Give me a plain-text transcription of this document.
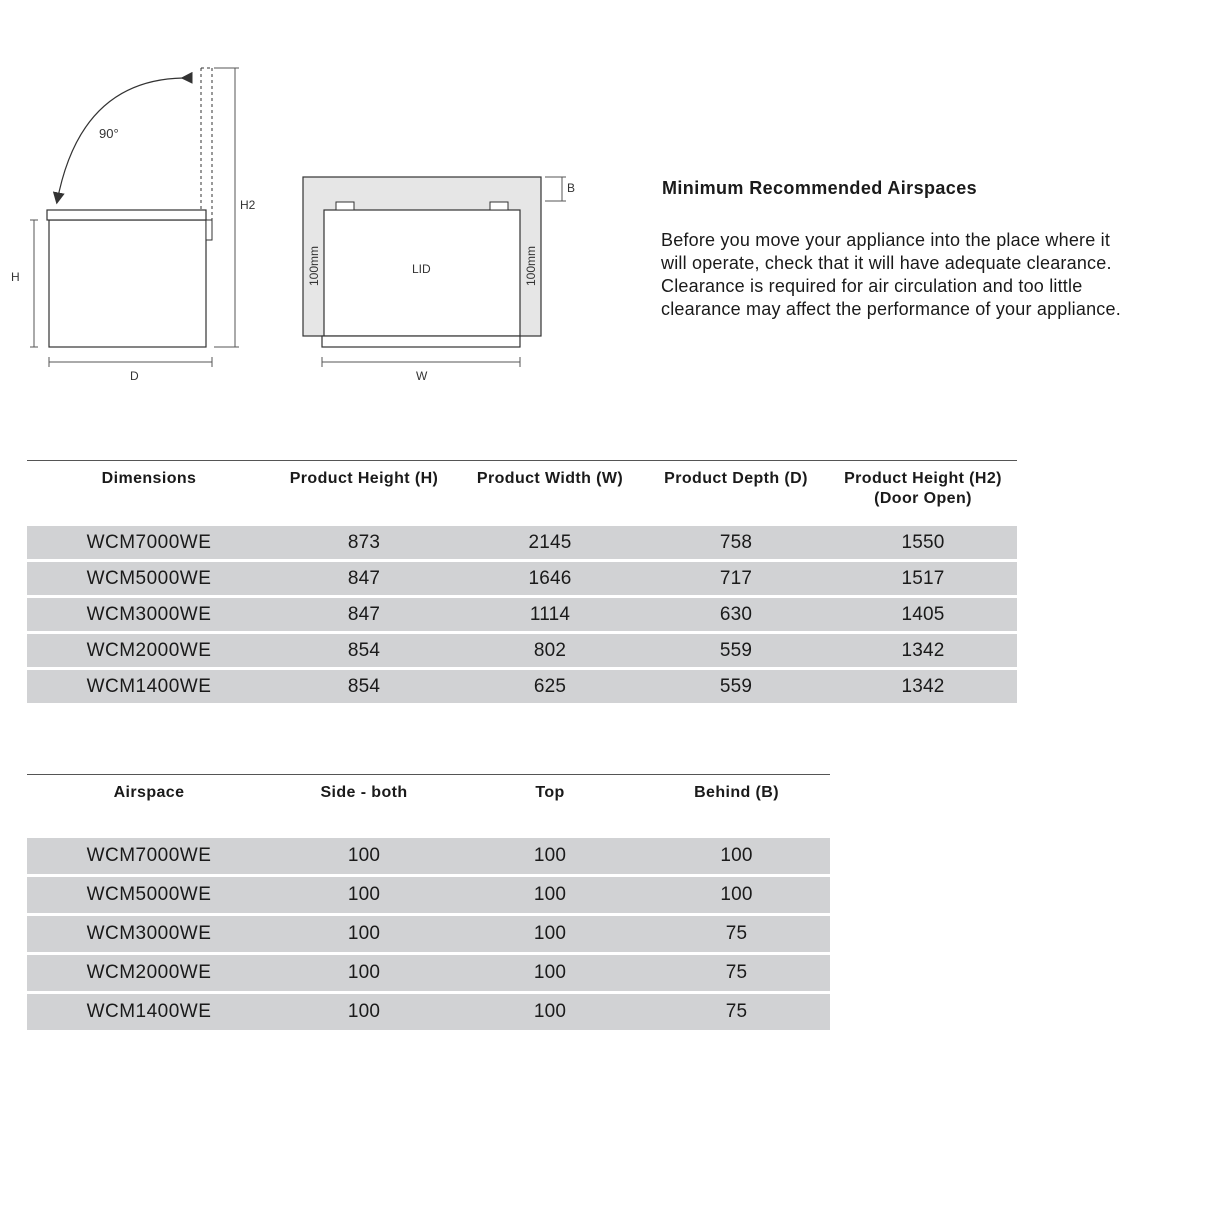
90°
H
H2
D
LID
100mm	100mm
B
W
Minimum Recommended Airspaces

Before you move your appliance into the place where it will operate, check that it will have adequate clearance. Clearance is required for air circulation and too little clearance may affect the performance of your appliance.

Dimensions	Product Height (H)	Product Width (W)	Product Depth (D)	Product Height (H2)
(Door Open)
WCM7000WE	873	2145	758	1550
WCM5000WE	847	1646	717	1517
WCM3000WE	847	1114	630	1405
WCM2000WE	854	802	559	1342
WCM1400WE	854	625	559	1342
Airspace	Side - both	Top	Behind (B)
WCM7000WE	100	100	100
WCM5000WE	100	100	100
WCM3000WE	100	100	75
WCM2000WE	100	100	75
WCM1400WE	100	100	75
